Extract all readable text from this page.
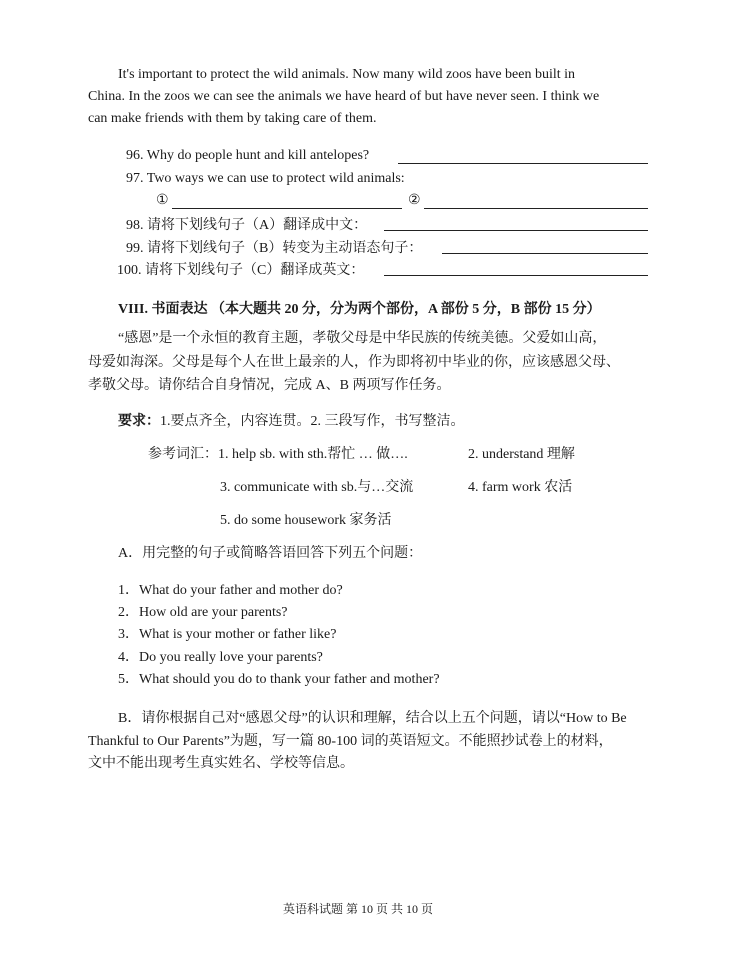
It's important to protect the wild animals. Now many wild zoos have been built in
China. In the zoos we can see the animals we have heard of but have never seen. I think we
can make friends with them by taking care of them.
96. Why do people hunt and kill antelopes?
97. Two ways we can use to protect wild animals:
①	②
98. 请将下划线句子（A）翻译成中文：
99. 请将下划线句子（B）转变为主动语态句子：
100. 请将下划线句子（C）翻译成英文：
VIII. 书面表达 （本大题共 20 分，分为两个部份，A 部份 5 分，B 部份 15 分）
“感恩”是一个永恒的教育主题，孝敬父母是中华民族的传统美德。父爱如山高，
母爱如海深。父母是每个人在世上最亲的人，作为即将初中毕业的你，应该感恩父母、
孝敬父母。请你结合自身情况，完成 A、B 两项写作任务。
要求：1.要点齐全，内容连贯。2. 三段写作，书写整洁。
参考词汇：1. help sb. with sth.帮忙 … 做….	2. understand 理解
3. communicate with sb.与…交流	4. farm work 农活
5. do some housework 家务活
A．用完整的句子或简略答语回答下列五个问题：
1．What do your father and mother do?
2．How old are your parents?
3．What is your mother or father like?
4．Do you really love your parents?
5．What should you do to thank your father and mother?
B．请你根据自己对“感恩父母”的认识和理解，结合以上五个问题，请以“How to Be
Thankful to Our Parents”为题，写一篇 80-100 词的英语短文。不能照抄试卷上的材料，
文中不能出现考生真实姓名、学校等信息。
英语科试题 第 10 页 共 10 页
